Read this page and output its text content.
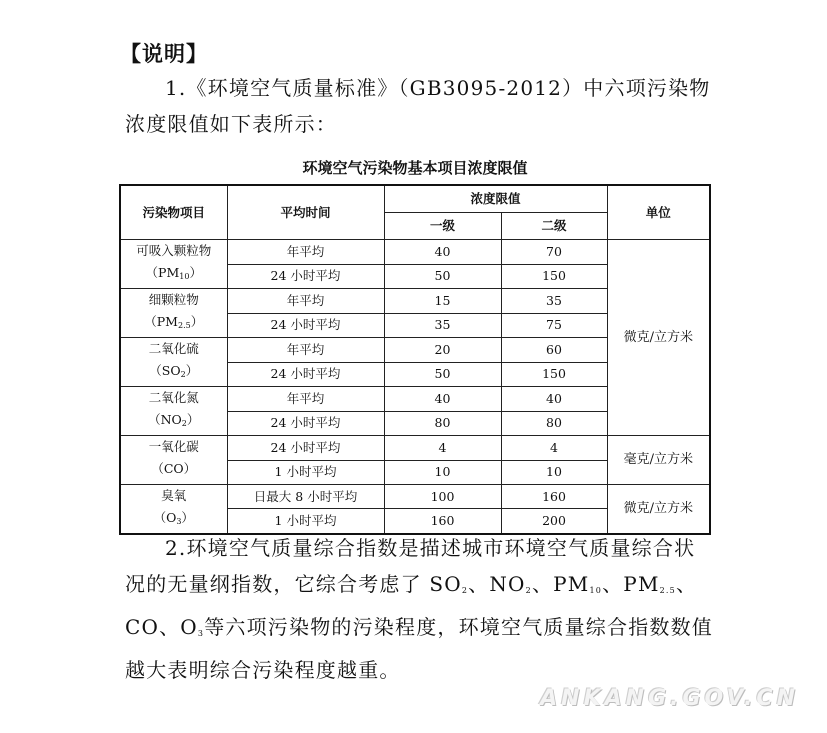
【说明】
1.《环境空气质量标准》（GB3095-2012）中六项污染物浓度限值如下表所示：
环境空气污染物基本项目浓度限值
污染物项目	平均时间	浓度限值		单位
		一级	二级	

可吸入颗粒物
$(PM_{10})$	年平均	40	70	微克/立方米
	24 小时平均	50	150	

细颗粒物
$(PM_{2.5})$	年平均	15	35	
	24 小时平均	35	75	

二氧化硫
$(SO_2)$	年平均	20	60	
	24 小时平均	50	150	

二氧化氮
$(NO_2)$	年平均	40	40	
	24 小时平均	80	80	

一氧化碳
（CO）	24 小时平均	4	4	毫克/立方米
	1 小时平均	10	10	

臭氧
$(O_3)$	日最大 8 小时平均	100	160	微克/立方米
	1 小时平均	160	200	
2.环境空气质量综合指数是描述城市环境空气质量综合状况的无量纲指数，它综合考虑了 $SO_2$、$NO_2$、$PM_{10}$、$PM_{2.5}$、CO、$O_3$等六项污染物的污染程度，环境空气质量综合指数数值越大表明综合污染程度越重。
ANKANG.GOV.CN
